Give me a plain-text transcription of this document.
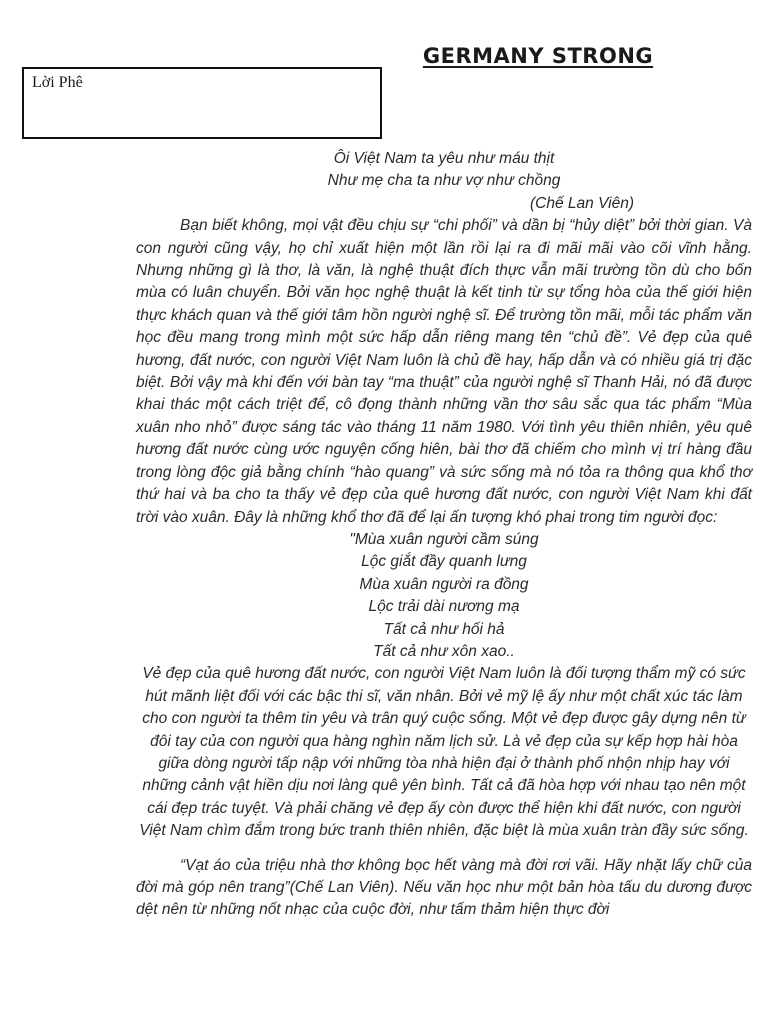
GERMANY STRONG
Lời Phê
Ôi Việt Nam ta yêu như máu thịt
Như mẹ cha ta như vợ như chồng
(Chế Lan Viên)

Bạn biết không, mọi vật đều chịu sự “chi phối” và dần bị “hủy diệt” bởi thời gian. Và con người cũng vậy, họ chỉ xuất hiện một lần rồi lại ra đi mãi mãi vào cõi vĩnh hằng. Nhưng những gì là thơ, là văn, là nghệ thuật đích thực vẫn mãi trường tồn dù cho bốn mùa có luân chuyển. Bởi văn học nghệ thuật là kết tinh từ sự tổng hòa của thế giới hiện thực khách quan và thế giới tâm hồn người nghệ sĩ. Để trường tồn mãi, mỗi tác phẩm văn học đều mang trong mình một sức hấp dẫn riêng mang tên “chủ đề”. Vẻ đẹp của quê hương, đất nước, con người Việt Nam luôn là chủ đề hay, hấp dẫn và có nhiều giá trị đặc biệt. Bởi vậy mà khi đến với bàn tay “ma thuật” của người nghệ sĩ Thanh Hải, nó đã được khai thác một cách triệt để, cô đọng thành những vần thơ sâu sắc qua tác phẩm “Mùa xuân nho nhỏ” được sáng tác vào tháng 11 năm 1980. Với tình yêu thiên nhiên, yêu quê hương đất nước cùng ước nguyện cống hiên, bài thơ đã chiếm cho mình vị trí hàng đầu trong lòng độc giả bằng chính “hào quang” và sức sống mà nó tỏa ra thông qua khổ thơ thứ hai và ba cho ta thấy vẻ đẹp của quê hương đất nước, con người Việt Nam khi đất trời vào xuân. Đây là những khổ thơ đã để lại ấn tượng khó phai trong tim người đọc:

"Mùa xuân người cầm súng
Lộc giắt đầy quanh lưng
Mùa xuân người ra đồng
Lộc trải dài nương mạ
Tất cả như hối hả
Tất cả như xôn xao..

Vẻ đẹp của quê hương đất nước, con người Việt Nam luôn là đối tượng thẩm mỹ có sức hút mãnh liệt đối với các bậc thi sĩ, văn nhân. Bởi vẻ mỹ lệ ấy như một chất xúc tác làm cho con người ta thêm tin yêu và trân quý cuộc sống. Một vẻ đẹp được gây dựng nên từ đôi tay của con người qua hàng nghìn năm lịch sử. Là vẻ đẹp của sự kếp hợp hài hòa giữa dòng người tấp nập với những tòa nhà hiện đại ở thành phố nhộn nhịp hay với những cảnh vật hiền dịu nơi làng quê yên bình. Tất cả đã hòa hợp với nhau tạo nên một cái đẹp trác tuyệt. Và phải chăng vẻ đẹp ấy còn được thể hiện khi đất nước, con người Việt Nam chìm đắm trong bức tranh thiên nhiên, đặc biệt là mùa xuân tràn đầy sức sống.

“Vạt áo của triệu nhà thơ không bọc hết vàng mà đời rơi vãi. Hãy nhặt lấy chữ của đời mà góp nên trang”(Chế Lan Viên). Nếu văn học như một bản hòa tấu du dương được dệt nên từ những nốt nhạc của cuộc đời, như tấm thảm hiện thực đời
